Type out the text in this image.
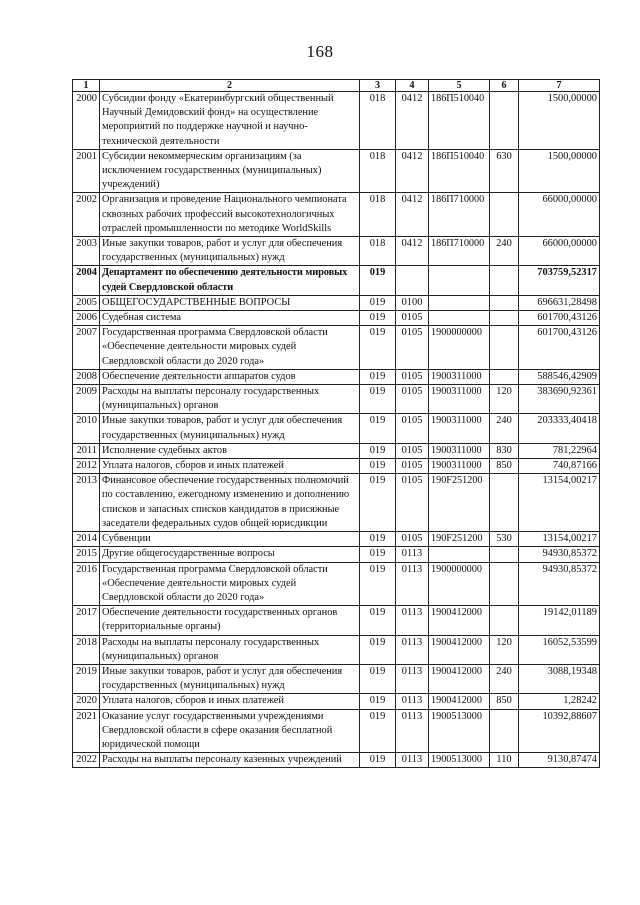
168
1	2	3	4	5	6	7
2000	Субсидии фонду «Екатеринбургский общественный Научный Демидовский фонд» на осуществление мероприятий по поддержке научной и научно-технической деятельности	018	0412	186П510040		1500,00000
2001	Субсидии некоммерческим организациям (за исключением государственных (муниципальных) учреждений)	018	0412	186П510040	630	1500,00000
2002	Организация и проведение Национального чемпионата сквозных рабочих профессий высокотехнологичных отраслей промышленности по методике WorldSkills	018	0412	186П710000		66000,00000
2003	Иные закупки товаров, работ и услуг для обеспечения государственных (муниципальных) нужд	018	0412	186П710000	240	66000,00000
2004	Департамент по обеспечению деятельности мировых судей Свердловской области	019				703759,52317
2005	ОБЩЕГОСУДАРСТВЕННЫЕ ВОПРОСЫ	019	0100			696631,28498
2006	Судебная система	019	0105			601700,43126
2007	Государственная программа Свердловской области «Обеспечение деятельности мировых судей Свердловской области до 2020 года»	019	0105	1900000000		601700,43126
2008	Обеспечение деятельности аппаратов судов	019	0105	1900311000		588546,42909
2009	Расходы на выплаты персоналу государственных (муниципальных) органов	019	0105	1900311000	120	383690,92361
2010	Иные закупки товаров, работ и услуг для обеспечения государственных (муниципальных) нужд	019	0105	1900311000	240	203333,40418
2011	Исполнение судебных актов	019	0105	1900311000	830	781,22964
2012	Уплата налогов, сборов и иных платежей	019	0105	1900311000	850	740,87166
2013	Финансовое обеспечение государственных полномочий по составлению, ежегодному изменению и дополнению списков и запасных списков кандидатов в присяжные заседатели федеральных судов общей юрисдикции	019	0105	190F251200		13154,00217
2014	Субвенции	019	0105	190F251200	530	13154,00217
2015	Другие общегосударственные вопросы	019	0113			94930,85372
2016	Государственная программа Свердловской области «Обеспечение деятельности мировых судей Свердловской области до 2020 года»	019	0113	1900000000		94930,85372
2017	Обеспечение деятельности государственных органов (территориальные органы)	019	0113	1900412000		19142,01189
2018	Расходы на выплаты персоналу государственных (муниципальных) органов	019	0113	1900412000	120	16052,53599
2019	Иные закупки товаров, работ и услуг для обеспечения государственных (муниципальных) нужд	019	0113	1900412000	240	3088,19348
2020	Уплата налогов, сборов и иных платежей	019	0113	1900412000	850	1,28242
2021	Оказание услуг государственными учреждениями Свердловской области в сфере оказания бесплатной юридической помощи	019	0113	1900513000		10392,88607
2022	Расходы на выплаты персоналу казенных учреждений	019	0113	1900513000	110	9130,87474
